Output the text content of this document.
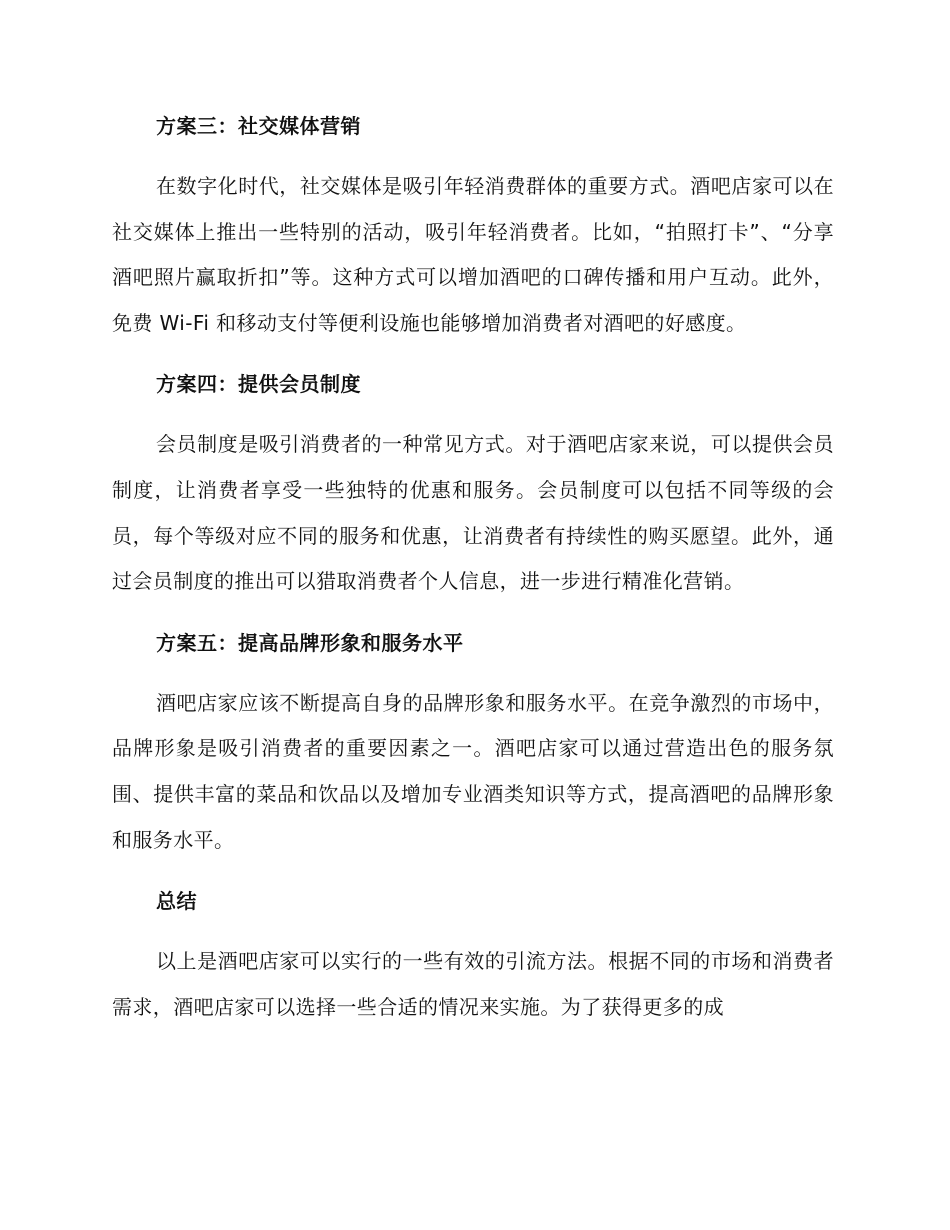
方案三：社交媒体营销

在数字化时代，社交媒体是吸引年轻消费群体的重要方式。酒吧店家可以在社交媒体上推出一些特别的活动，吸引年轻消费者。比如，“拍照打卡”、“分享酒吧照片赢取折扣”等。这种方式可以增加酒吧的口碑传播和用户互动。此外，免费 Wi-Fi 和移动支付等便利设施也能够增加消费者对酒吧的好感度。

方案四：提供会员制度

会员制度是吸引消费者的一种常见方式。对于酒吧店家来说，可以提供会员制度，让消费者享受一些独特的优惠和服务。会员制度可以包括不同等级的会员，每个等级对应不同的服务和优惠，让消费者有持续性的购买愿望。此外，通过会员制度的推出可以猎取消费者个人信息，进一步进行精准化营销。

方案五：提高品牌形象和服务水平

酒吧店家应该不断提高自身的品牌形象和服务水平。在竞争激烈的市场中，品牌形象是吸引消费者的重要因素之一。酒吧店家可以通过营造出色的服务氛围、提供丰富的菜品和饮品以及增加专业酒类知识等方式，提高酒吧的品牌形象和服务水平。

总结

以上是酒吧店家可以实行的一些有效的引流方法。根据不同的市场和消费者需求，酒吧店家可以选择一些合适的情况来实施。为了获得更多的成
